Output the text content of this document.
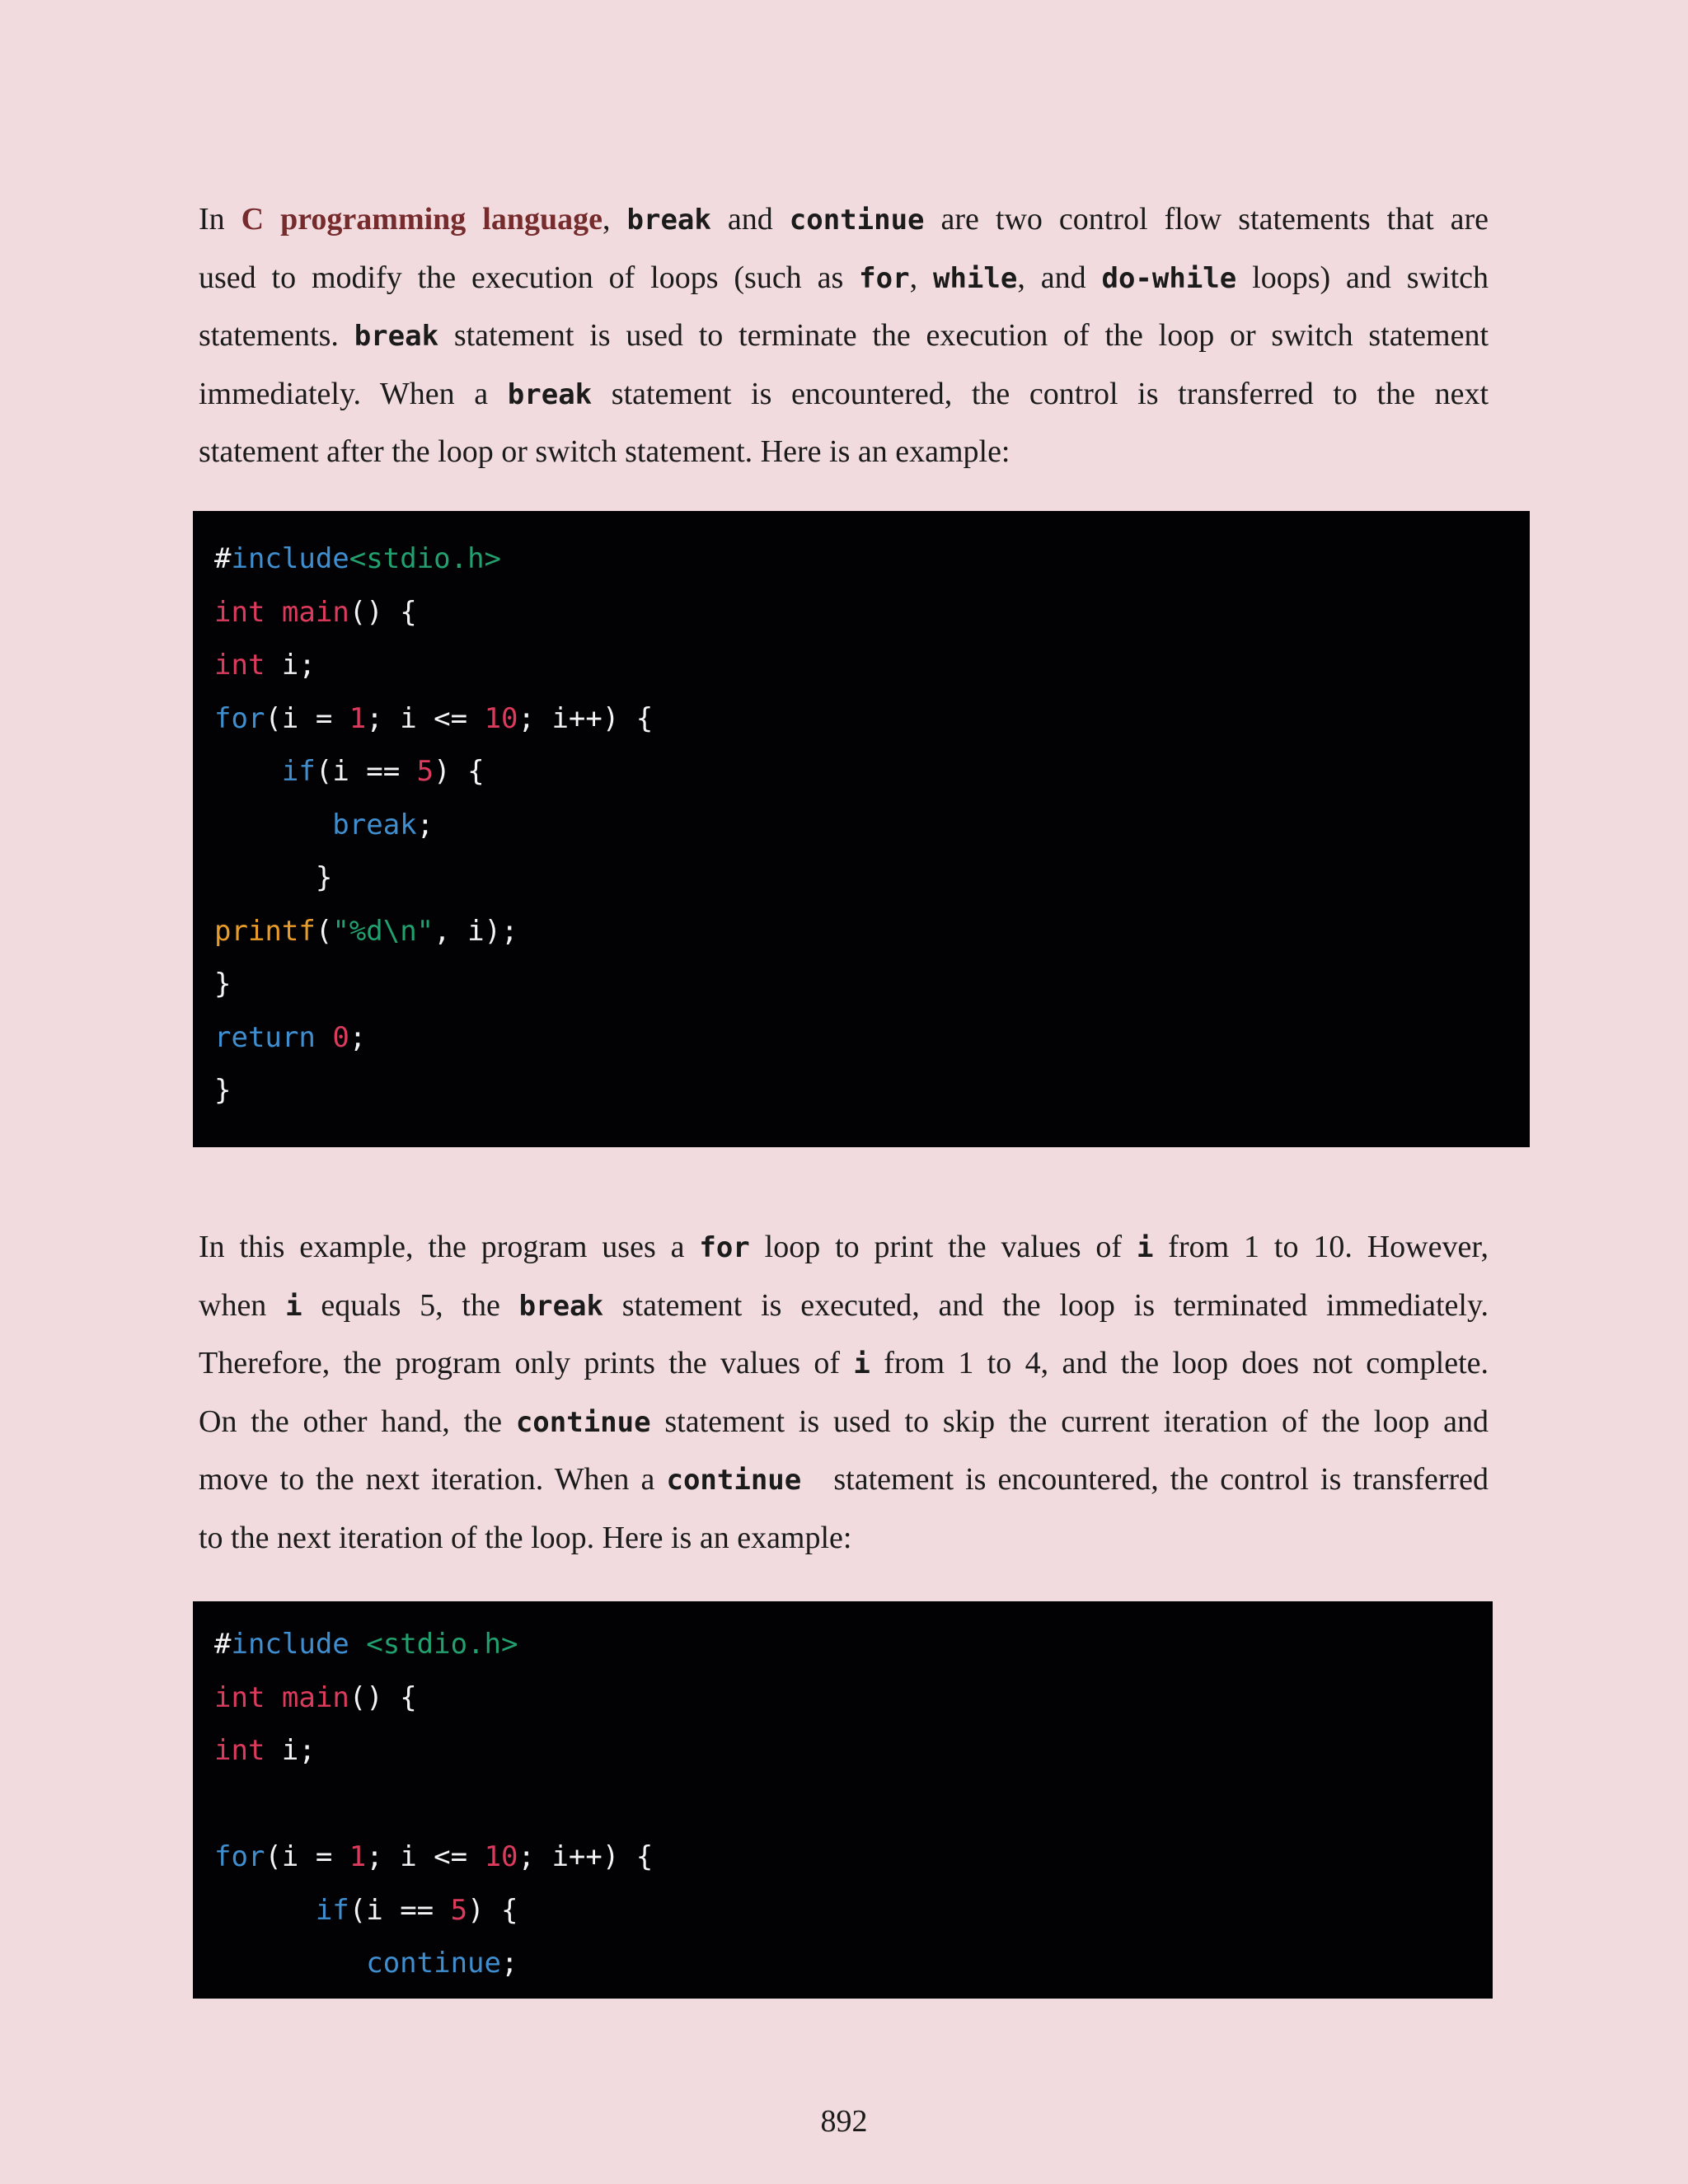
In C programming language, break and continue are two control flow statements that are
used to modify the execution of loops (such as for, while, and do-while loops) and switch
statements. break statement is used to terminate the execution of the loop or switch statement
immediately. When a break statement is encountered, the control is transferred to the next
statement after the loop or switch statement. Here is an example:

#include<stdio.h>
int main() {
int i;
for(i = 1; i <= 10; i++) {
if(i == 5) {
break;
}
printf("%d\n", i);
}
return 0;
}

In this example, the program uses a for loop to print the values of i from 1 to 10. However,
when i equals 5, the break statement is executed, and the loop is terminated immediately.
Therefore, the program only prints the values of i from 1 to 4, and the loop does not complete.
On the other hand, the continue statement is used to skip the current iteration of the loop and
move to the next iteration. When a continue  statement is encountered, the control is transferred
to the next iteration of the loop. Here is an example:

#include <stdio.h>
int main() {
int i;
for(i = 1; i <= 10; i++) {
if(i == 5) {
continue;
892
